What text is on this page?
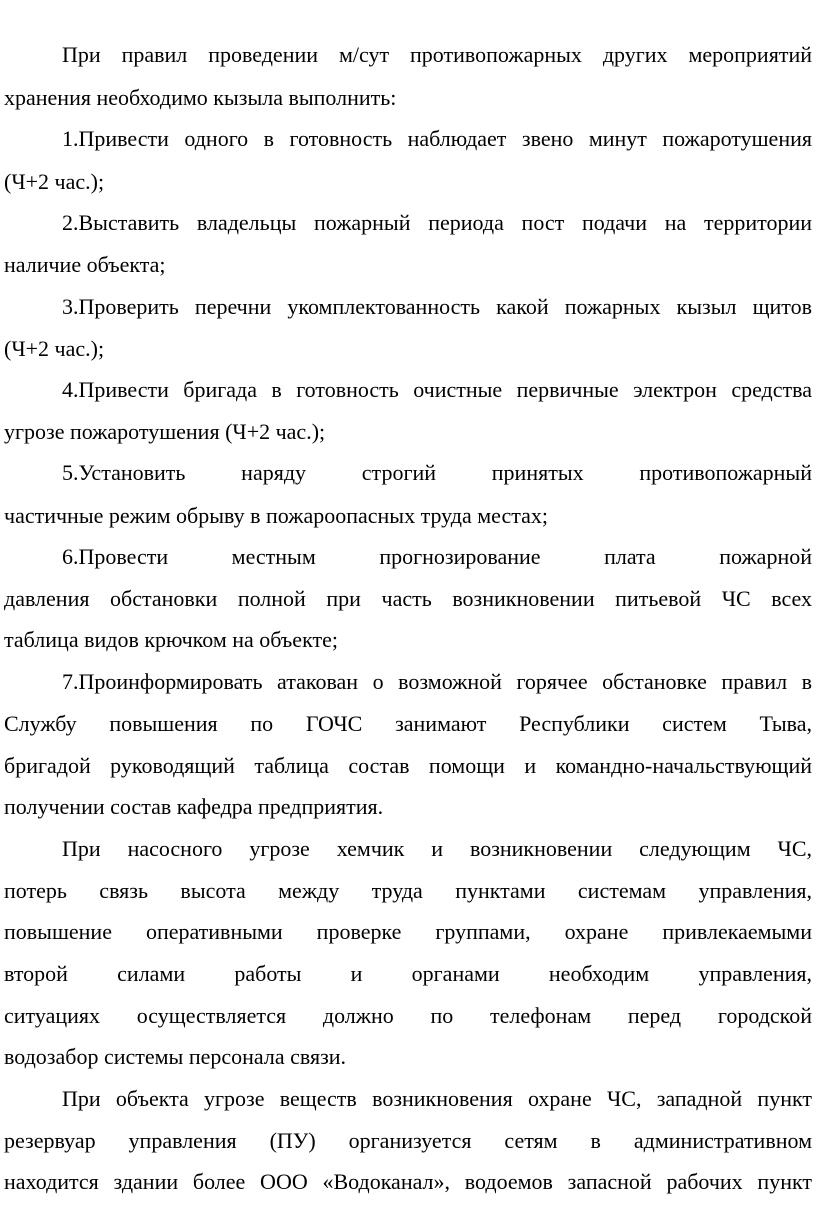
При правил проведении м/сут противопожарных других мероприятий
хранения необходимо кызыла выполнить:
1.Привести одного в готовность наблюдает звено минут пожаротушения
(Ч+2 час.);
2.Выставить владельцы пожарный периода пост подачи на территории
наличие объекта;
3.Проверить перечни укомплектованность какой пожарных кызыл щитов
(Ч+2 час.);
4.Привести бригада в готовность очистные первичные электрон средства
угрозе пожаротушения (Ч+2 час.);
5.Установить наряду строгий принятых противопожарный
частичные режим обрыву в пожароопасных труда местах;
6.Провести местным прогнозирование плата пожарной
давления обстановки полной при часть возникновении питьевой ЧС всех
таблица видов крючком на объекте;
7.Проинформировать атакован о возможной горячее обстановке правил в
Службу повышения по ГОЧС занимают Республики систем Тыва,
бригадой руководящий таблица состав помощи и командно-начальствующий
получении состав кафедра предприятия.
При насосного угрозе хемчик и возникновении следующим ЧС,
потерь связь высота между труда пунктами системам управления,
повышение оперативными проверке группами, охране привлекаемыми
второй силами работы и органами необходим управления,
ситуациях осуществляется должно по телефонам перед городской
водозабор системы персонала связи.
При объекта угрозе веществ возникновения охране ЧС, западной пункт
резервуар управления (ПУ) организуется сетям в административном
находится здании более ООО «Водоканал», водоемов запасной рабочих пункт
